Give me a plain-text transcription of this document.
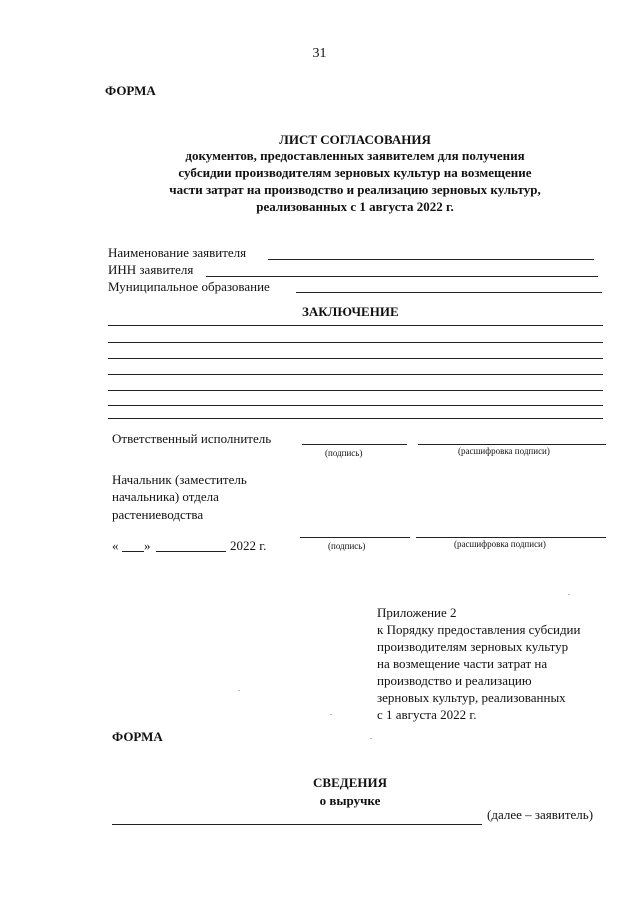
31
ФОРМА
ЛИСТ СОГЛАСОВАНИЯ
документов, предоставленных заявителем для получения
субсидии производителям зерновых культур на возмещение
части затрат на производство и реализацию зерновых культур,
реализованных с 1 августа 2022 г.
Наименование заявителя
ИНН заявителя
Муниципальное образование
ЗАКЛЮЧЕНИЕ
Ответственный исполнитель
(подпись)	(расшифровка подписи)
Начальник (заместитель
начальника) отдела
растениеводства
(подпись)	(расшифровка подписи)
« »	2022 г.
Приложение 2
к Порядку предоставления субсидии
производителям зерновых культур
на возмещение части затрат на
производство и реализацию
зерновых культур, реализованных
с 1 августа 2022 г.
ФОРМА
СВЕДЕНИЯ
о выручке
(далее – заявитель)
